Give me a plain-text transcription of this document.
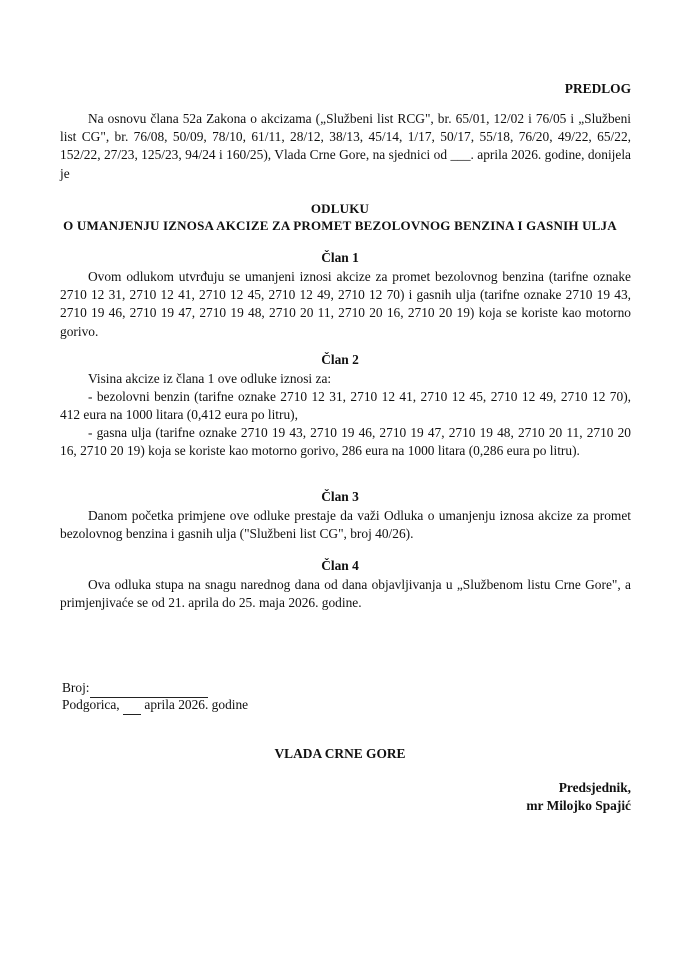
PREDLOG
Na osnovu člana 52a Zakona o akcizama („Službeni list RCG", br. 65/01, 12/02 i 76/05 i „Službeni list CG", br. 76/08, 50/09, 78/10, 61/11, 28/12, 38/13, 45/14, 1/17, 50/17, 55/18, 76/20, 49/22, 65/22, 152/22, 27/23, 125/23, 94/24 i 160/25), Vlada Crne Gore, na sjednici od ___. aprila 2026. godine, donijela je
ODLUKU
O UMANJENJU IZNOSA AKCIZE ZA PROMET BEZOLOVNOG BENZINA I GASNIH ULJA
Član 1
Ovom odlukom utvrđuju se umanjeni iznosi akcize za promet bezolovnog benzina (tarifne oznake 2710 12 31, 2710 12 41, 2710 12 45, 2710 12 49, 2710 12 70) i gasnih ulja (tarifne oznake 2710 19 43, 2710 19 46, 2710 19 47, 2710 19 48, 2710 20 11, 2710 20 16, 2710 20 19) koja se koriste kao motorno gorivo.
Član 2
Visina akcize iz člana 1 ove odluke iznosi za:
- bezolovni benzin (tarifne oznake 2710 12 31, 2710 12 41, 2710 12 45, 2710 12 49, 2710 12 70), 412 eura na 1000 litara (0,412 eura po litru),
- gasna ulja (tarifne oznake 2710 19 43, 2710 19 46, 2710 19 47, 2710 19 48, 2710 20 11, 2710 20 16, 2710 20 19) koja se koriste kao motorno gorivo, 286 eura na 1000 litara (0,286 eura po litru).
Član 3
Danom početka primjene ove odluke prestaje da važi Odluka o umanjenju iznosa akcize za promet bezolovnog benzina i gasnih ulja ("Službeni list CG", broj 40/26).
Član 4
Ova odluka stupa na snagu narednog dana od dana objavljivanja u „Službenom listu Crne Gore", a primjenjivaće se od 21. aprila do 25. maja 2026. godine.
Broj:
Podgorica, aprila 2026. godine
VLADA CRNE GORE
Predsjednik,
mr Milojko Spajić
